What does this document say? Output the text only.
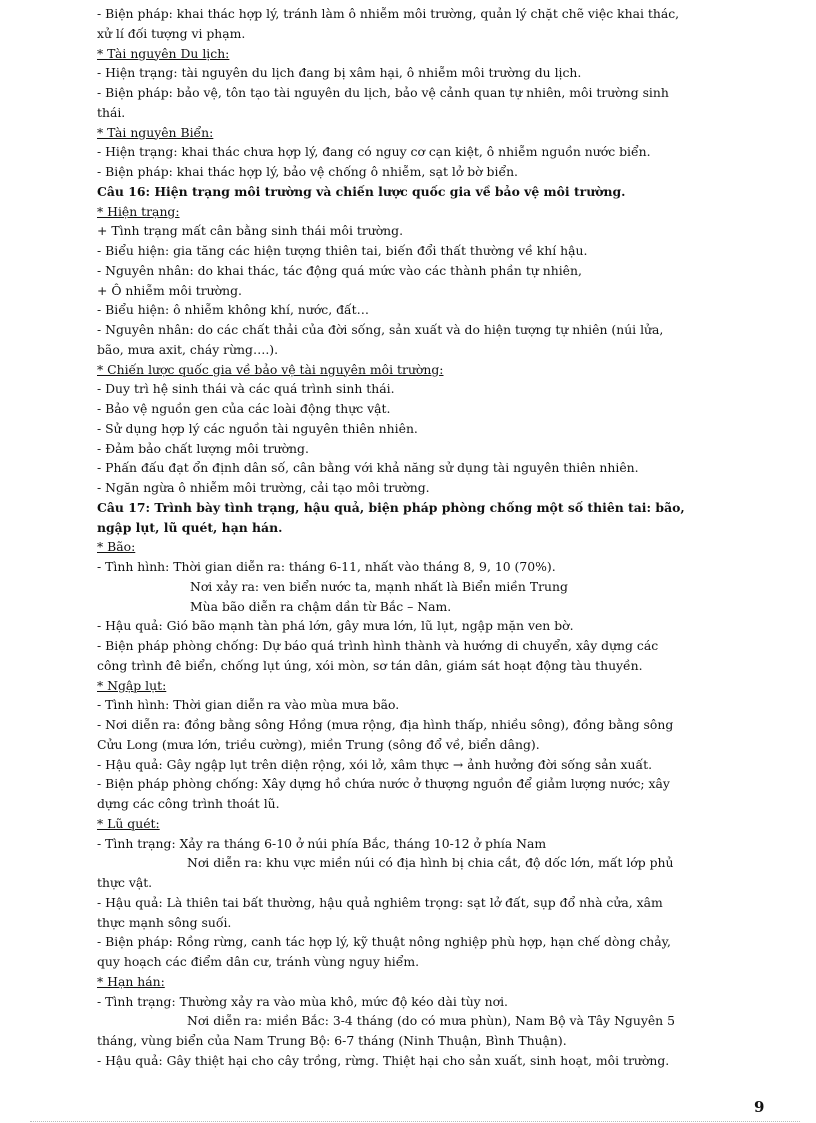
- Biện pháp: khai thác hợp lý, tránh làm ô nhiễm môi trường, quản lý chặt chẽ việc khai thác,

xử lí đối tượng vi phạm.

* Tài nguyên Du lịch:

- Hiện trạng: tài nguyên du lịch đang bị xâm hại, ô nhiễm môi trường du lịch.

- Biện pháp: bảo vệ, tôn tạo tài nguyên du lịch, bảo vệ cảnh quan tự nhiên, môi trường sinh

thái.

* Tài nguyên Biển:

- Hiện trạng: khai thác chưa hợp lý, đang có nguy cơ cạn kiệt, ô nhiễm nguồn nước biển.

- Biện pháp: khai thác hợp lý, bảo vệ chống ô nhiễm, sạt lở bờ biển.

Câu 16: Hiện trạng môi trường và chiến lược quốc gia về bảo vệ môi trường.

* Hiện trạng:

+ Tình trạng mất cân bằng sinh thái môi trường.

- Biểu hiện: gia tăng các hiện tượng thiên tai, biến đổi thất thường về khí hậu.

- Nguyên nhân: do khai thác, tác động quá mức vào các thành phần tự nhiên,

+ Ô nhiễm môi trường.

- Biểu hiện: ô nhiễm không khí, nước, đất…

- Nguyên nhân: do các chất thải của đời sống, sản xuất và do hiện tượng tự nhiên (núi lửa,

bão, mưa axit, cháy rừng….).

* Chiến lược quốc gia về bảo vệ tài nguyên môi trường:

- Duy trì hệ sinh thái và các quá trình sinh thái.

- Bảo vệ nguồn gen của các loài động thực vật.

- Sử dụng hợp lý các nguồn tài nguyên thiên nhiên.

- Đảm bảo chất lượng môi trường.

- Phấn đấu đạt ổn định dân số, cân bằng với khả năng sử dụng tài nguyên thiên nhiên.

- Ngăn ngừa ô nhiễm môi trường, cải tạo môi trường.

Câu 17: Trình bày tình trạng, hậu quả, biện pháp phòng chống một số thiên tai: bão,

ngập lụt, lũ quét, hạn hán.

* Bão:

- Tình hình: Thời gian diễn ra: tháng 6-11, nhất vào tháng 8, 9, 10 (70%).

Nơi xảy ra: ven biển nước ta, mạnh nhất là Biển miền Trung

Mùa bão diễn ra chậm dần từ Bắc – Nam.

- Hậu quả: Gió bão mạnh tàn phá lớn, gây mưa lớn, lũ lụt, ngập mặn ven bờ.

- Biện pháp phòng chống: Dự báo quá trình hình thành và hướng di chuyển, xây dựng các

công trình đê biển, chống lụt úng, xói mòn, sơ tán dân, giám sát hoạt động tàu thuyền.

* Ngập lụt:

- Tình hình: Thời gian diễn ra vào mùa mưa bão.

- Nơi diễn ra: đồng bằng sông Hồng (mưa rộng, địa hình thấp, nhiều sông), đồng bằng sông

Cửu Long (mưa lớn, triều cường), miền Trung (sông đổ về, biển dâng).

- Hậu quả: Gây ngập lụt trên diện rộng, xói lở, xâm thực → ảnh hưởng đời sống sản xuất.

- Biện pháp phòng chống: Xây dựng hồ chứa nước ở thượng nguồn để giảm lượng nước; xây

dựng các công trình thoát lũ.

* Lũ quét:

- Tình trạng: Xảy ra tháng 6-10 ở núi phía Bắc, tháng 10-12 ở phía Nam

Nơi diễn ra: khu vực miền núi có địa hình bị chia cắt, độ dốc lớn, mất lớp phủ

thực vật.

- Hậu quả: Là thiên tai bất thường, hậu quả nghiêm trọng: sạt lở đất, sụp đổ nhà cửa, xâm

thực mạnh sông suối.

- Biện pháp: Rồng rừng, canh tác hợp lý, kỹ thuật nông nghiệp phù hợp, hạn chế dòng chảy,

quy hoạch các điểm dân cư, tránh vùng nguy hiểm.

* Hạn hán:

- Tình trạng: Thường xảy ra vào mùa khô, mức độ kéo dài tùy nơi.

Nơi diễn ra: miền Bắc: 3-4 tháng (do có mưa phùn), Nam Bộ và Tây Nguyên 5

tháng, vùng biển của Nam Trung Bộ: 6-7 tháng (Ninh Thuận, Bình Thuận).

- Hậu quả: Gây thiệt hại cho cây trồng, rừng. Thiệt hại cho sản xuất, sinh hoạt, môi trường.

9
